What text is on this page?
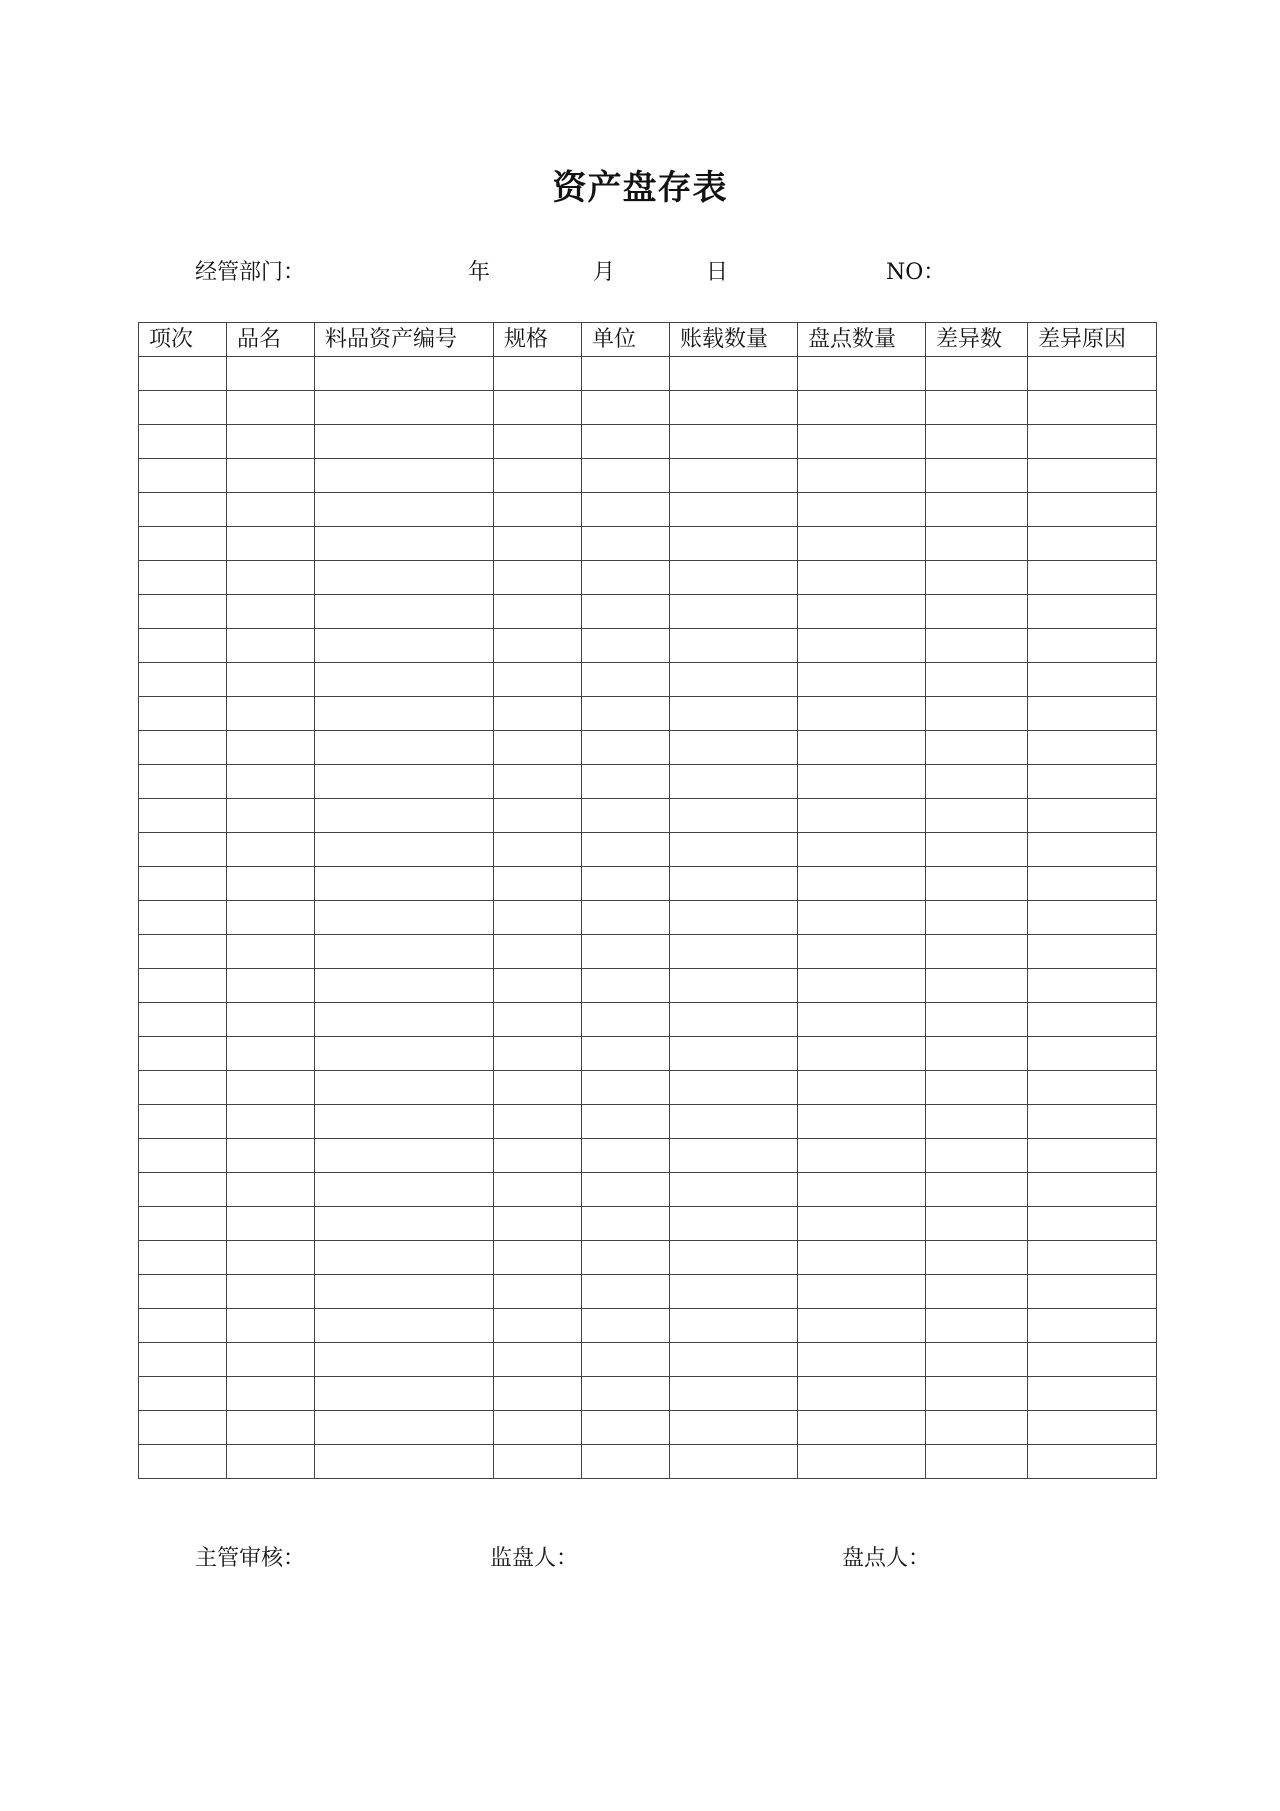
资产盘存表
经管部门：	年	月	日	NO：
项次	品名	料品资产编号	规格	单位	账载数量	盘点数量	差异数	差异原因

主管审核：	监盘人：	盘点人：
